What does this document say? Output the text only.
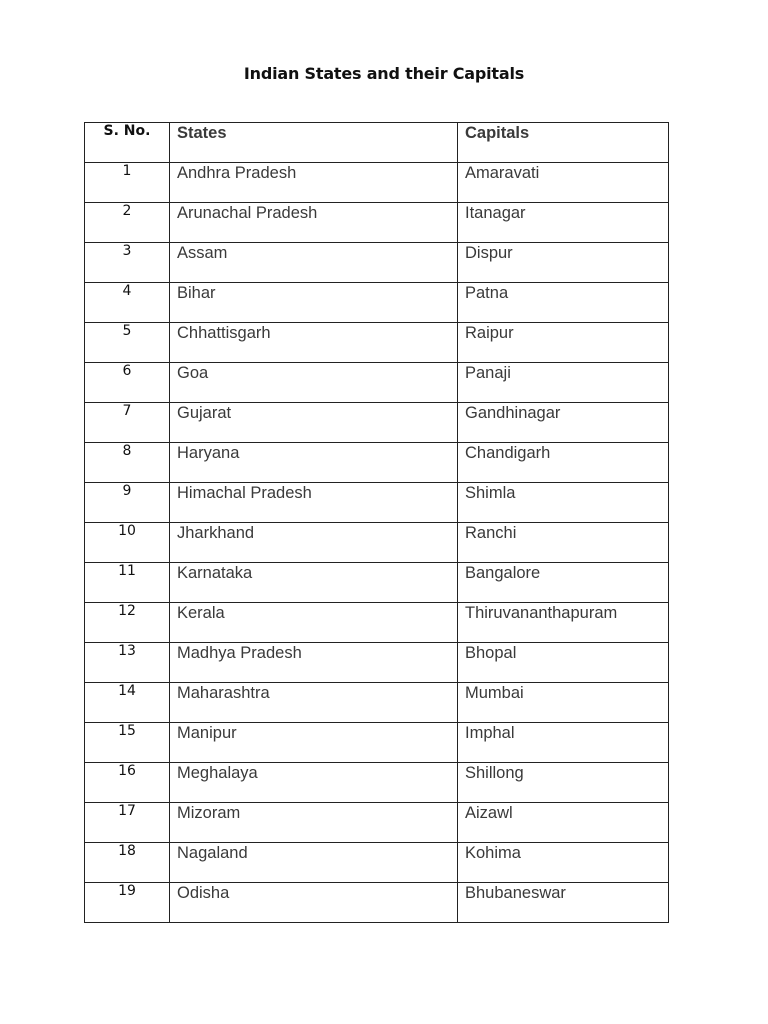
Indian States and their Capitals
S. No.	States	Capitals
1	Andhra Pradesh	Amaravati
2	Arunachal Pradesh	Itanagar
3	Assam	Dispur
4	Bihar	Patna
5	Chhattisgarh	Raipur
6	Goa	Panaji
7	Gujarat	Gandhinagar
8	Haryana	Chandigarh
9	Himachal Pradesh	Shimla
10	Jharkhand	Ranchi
11	Karnataka	Bangalore
12	Kerala	Thiruvananthapuram
13	Madhya Pradesh	Bhopal
14	Maharashtra	Mumbai
15	Manipur	Imphal
16	Meghalaya	Shillong
17	Mizoram	Aizawl
18	Nagaland	Kohima
19	Odisha	Bhubaneswar
